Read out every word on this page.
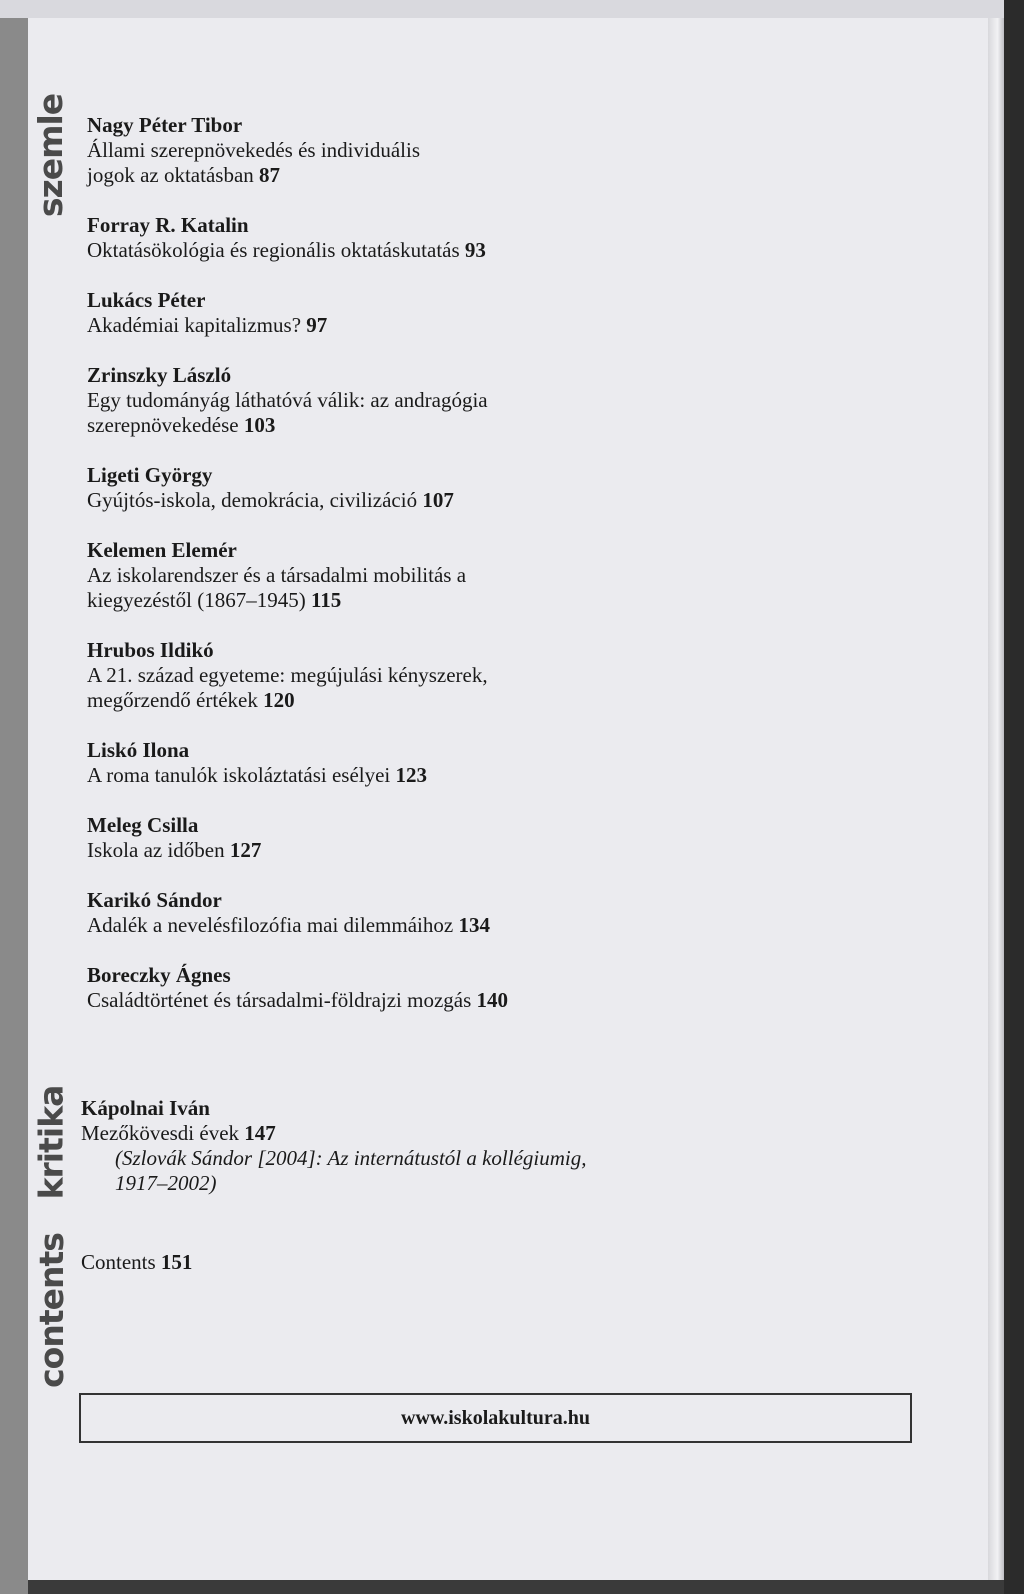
szemle
kritika
contents
Nagy Péter Tibor
Állami szerepnövekedés és individuális
jogok az oktatásban 87
Forray R. Katalin
Oktatásökológia és regionális oktatáskutatás 93
Lukács Péter
Akadémiai kapitalizmus? 97
Zrinszky László
Egy tudományág láthatóvá válik: az andragógia
szerepnövekedése 103
Ligeti György
Gyújtós-iskola, demokrácia, civilizáció 107
Kelemen Elemér
Az iskolarendszer és a társadalmi mobilitás a
kiegyezéstől (1867–1945) 115
Hrubos Ildikó
A 21. század egyeteme: megújulási kényszerek,
megőrzendő értékek 120
Liskó Ilona
A roma tanulók iskoláztatási esélyei 123
Meleg Csilla
Iskola az időben 127
Karikó Sándor
Adalék a nevelésfilozófia mai dilemmáihoz 134
Boreczky Ágnes
Családtörténet és társadalmi-földrajzi mozgás 140
Kápolnai Iván
Mezőkövesdi évek 147
(Szlovák Sándor [2004]: Az internátustól a kollégiumig,
1917–2002)
Contents 151
www.iskolakultura.hu
